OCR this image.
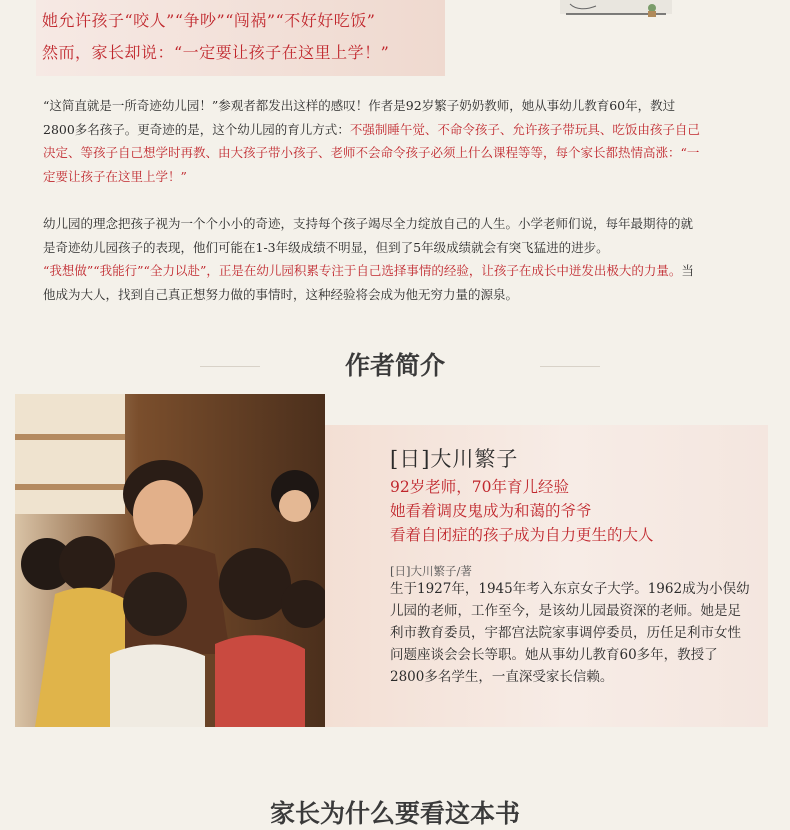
她允许孩子“咬人”“争吵”“闯祸”“不好好吃饭”
然而，家长却说：“一定要让孩子在这里上学！”
“这简直就是一所奇迹幼儿园！”参观者都发出这样的感叹！作者是92岁繁子奶奶教师，她从事幼儿教育60年，教过2800多名孩子。更奇迹的是，这个幼儿园的育儿方式：不强制睡午觉、不命令孩子、允许孩子带玩具、吃饭由孩子自己决定、等孩子自己想学时再教、由大孩子带小孩子、老师不会命令孩子必须上什么课程等等，每个家长都热情高涨：“一定要让孩子在这里上学！”
幼儿园的理念把孩子视为一个个小小的奇迹，支持每个孩子竭尽全力绽放自己的人生。小学老师们说，每年最期待的就是奇迹幼儿园孩子的表现，他们可能在1-3年级成绩不明显，但到了5年级成绩就会有突飞猛进的进步。
“我想做”“我能行”“全力以赴”，正是在幼儿园积累专注于自己选择事情的经验，让孩子在成长中迸发出极大的力量。当他成为大人，找到自己真正想努力做的事情时，这种经验将会成为他无穷力量的源泉。
作者简介
[日]大川繁子
92岁老师，70年育儿经验
她看着调皮鬼成为和蔼的爷爷
看着自闭症的孩子成为自力更生的大人
[日]大川繁子/著
生于1927年，1945年考入东京女子大学。1962成为小俣幼儿园的老师，工作至今，是该幼儿园最资深的老师。她是足利市教育委员，宇都宫法院家事调停委员，历任足利市女性问题座谈会会长等职。她从事幼儿教育60多年，教授了2800多名学生，一直深受家长信赖。
家长为什么要看这本书
